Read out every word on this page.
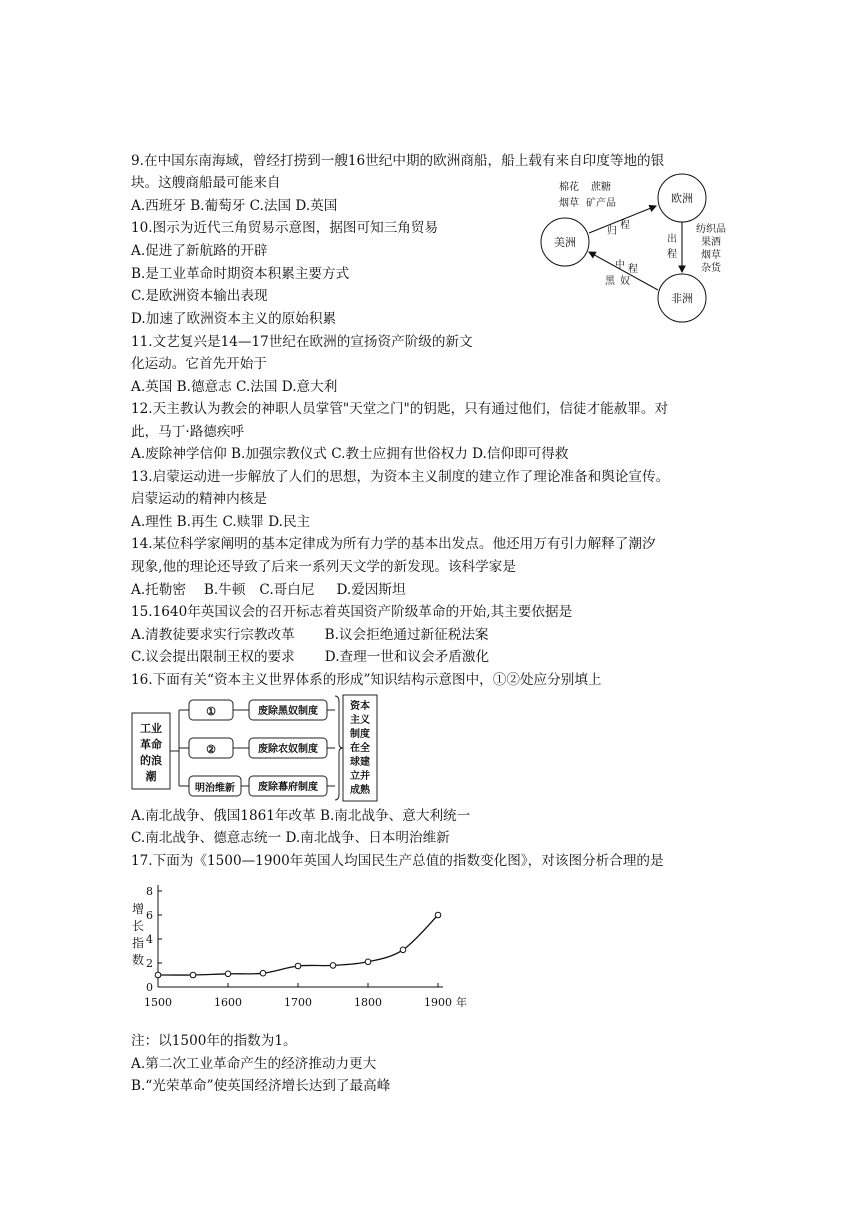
9.在中国东南海域，曾经打捞到一艘16世纪中期的欧洲商船，船上载有来自印度等地的银
块。这艘商船最可能来自
A.西班牙 B.葡萄牙 C.法国 D.英国
10.图示为近代三角贸易示意图，据图可知三角贸易
A.促进了新航路的开辟
B.是工业革命时期资本积累主要方式
C.是欧洲资本输出表现
D.加速了欧洲资本主义的原始积累
美洲
欧洲
非洲
棉花 蔗糖
烟草 矿产品
归
程
出
程
纺织品
果酒
烟草
杂货
中 程
黑 奴
11.文艺复兴是14—17世纪在欧洲的宣扬资产阶级的新文
化运动。它首先开始于
A.英国 B.德意志 C.法国 D.意大利
12.天主教认为教会的神职人员掌管"天堂之门"的钥匙，只有通过他们，信徒才能赦罪。对
此，马丁·路德疾呼
A.废除神学信仰 B.加强宗教仪式 C.教士应拥有世俗权力 D.信仰即可得救
13.启蒙运动进一步解放了人们的思想，为资本主义制度的建立作了理论准备和舆论宣传。
启蒙运动的精神内核是
A.理性 B.再生 C.赎罪 D.民主
14.某位科学家阐明的基本定律成为所有力学的基本出发点。他还用万有引力解释了潮汐
现象,他的理论还导致了后来一系列天文学的新发现。该科学家是
A.托勒密 B.牛顿 C.哥白尼 D.爱因斯坦
15.1640年英国议会的召开标志着英国资产阶级革命的开始,其主要依据是
A.清教徒要求实行宗教改革 B.议会拒绝通过新征税法案
C.议会提出限制王权的要求 D.查理一世和议会矛盾激化
16.下面有关“资本主义世界体系的形成”知识结构示意图中，①②处应分别填上
工业
革命
的浪
潮
①
②
明治维新
废除黑奴制度
废除农奴制度
废除幕府制度
资本
主义
制度
在全
球建
立并
成熟
A.南北战争、俄国1861年改革 B.南北战争、意大利统一
C.南北战争、德意志统一 D.南北战争、日本明治维新
17.下面为《1500—1900年英国人均国民生产总值的指数变化图》，对该图分析合理的是
0
2
4
6
8
1500	1600	1700	1800	1900 年
增
长
指
数
注：以1500年的指数为1。
A.第二次工业革命产生的经济推动力更大
B.“光荣革命”使英国经济增长达到了最高峰
